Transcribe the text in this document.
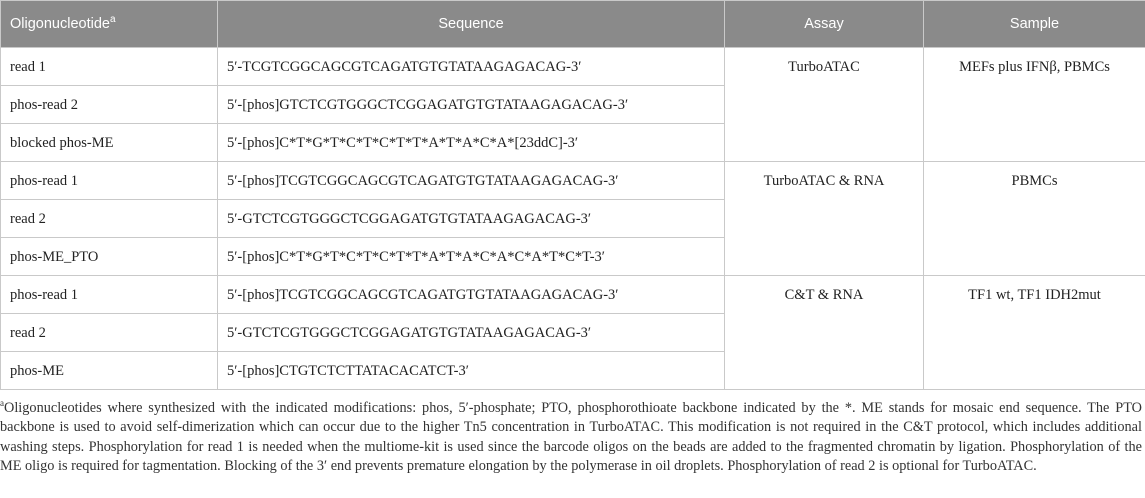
Oligonucleotide$^a$	Sequence	Assay	Sample
read 1	5′-TCGTCGGCAGCGTCAGATGTGTATAAGAGACAG-3′	TurboATAC	MEFs plus IFNβ, PBMCs
phos-read 2	5′-[phos]GTCTCGTGGGCTCGGAGATGTGTATAAGAGACAG-3′		
blocked phos-ME	5′-[phos]C*T*G*T*C*T*C*T*T*A*T*A*C*A*[23ddC]-3′		
phos-read 1	5′-[phos]TCGTCGGCAGCGTCAGATGTGTATAAGAGACAG-3′	TurboATAC & RNA	PBMCs
read 2	5′-GTCTCGTGGGCTCGGAGATGTGTATAAGAGACAG-3′		
phos-ME_PTO	5′-[phos]C*T*G*T*C*T*C*T*T*A*T*A*C*A*C*A*T*C*T-3′		
phos-read 1	5′-[phos]TCGTCGGCAGCGTCAGATGTGTATAAGAGACAG-3′	C&T & RNA	TF1 wt, TF1 IDH2mut
read 2	5′-GTCTCGTGGGCTCGGAGATGTGTATAAGAGACAG-3′		
phos-ME	5′-[phos]CTGTCTCTTATACACATCT-3′		
$^a$Oligonucleotides where synthesized with the indicated modifications: phos, 5′-phosphate; PTO, phosphorothioate backbone indicated by the *. ME stands for mosaic end sequence. The PTO backbone is used to avoid self-dimerization which can occur due to the higher Tn5 concentration in TurboATAC. This modification is not required in the C&T protocol, which includes additional washing steps. Phosphorylation for read 1 is needed when the multiome-kit is used since the barcode oligos on the beads are added to the fragmented chromatin by ligation. Phosphorylation of the ME oligo is required for tagmentation. Blocking of the 3′ end prevents premature elongation by the polymerase in oil droplets. Phosphorylation of read 2 is optional for TurboATAC.
